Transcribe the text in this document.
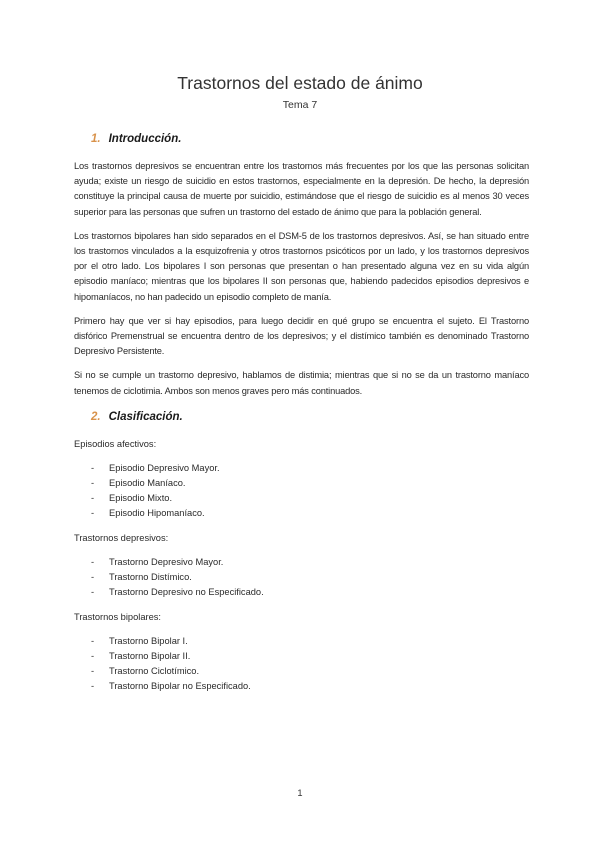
Trastornos del estado de ánimo
Tema 7
1. Introducción.

Los trastornos depresivos se encuentran entre los trastornos más frecuentes por los que las personas solicitan ayuda; existe un riesgo de suicidio en estos trastornos, especialmente en la depresión. De hecho, la depresión constituye la principal causa de muerte por suicidio, estimándose que el riesgo de suicidio es al menos 30 veces superior para las personas que sufren un trastorno del estado de ánimo que para la población general.

Los trastornos bipolares han sido separados en el DSM-5 de los trastornos depresivos. Así, se han situado entre los trastornos vinculados a la esquizofrenia y otros trastornos psicóticos por un lado, y los trastornos depresivos por el otro lado. Los bipolares I son personas que presentan o han presentado alguna vez en su vida algún episodio maníaco; mientras que los bipolares II son personas que, habiendo padecidos episodios depresivos e hipomaníacos, no han padecido un episodio completo de manía.

Primero hay que ver si hay episodios, para luego decidir en qué grupo se encuentra el sujeto. El Trastorno disfórico Premenstrual se encuentra dentro de los depresivos; y el distímico también es denominado Trastorno Depresivo Persistente.

Si no se cumple un trastorno depresivo, hablamos de distimia; mientras que si no se da un trastorno maníaco tenemos de ciclotimia. Ambos son menos graves pero más continuados.

2. Clasificación.

Episodios afectivos:

-	Episodio Depresivo Mayor.
-	Episodio Maníaco.
-	Episodio Mixto.
-	Episodio Hipomaníaco.

Trastornos depresivos:

-	Trastorno Depresivo Mayor.
-	Trastorno Distímico.
-	Trastorno Depresivo no Especificado.

Trastornos bipolares:

-	Trastorno Bipolar I.
-	Trastorno Bipolar II.
-	Trastorno Ciclotímico.
-	Trastorno Bipolar no Especificado.
1
